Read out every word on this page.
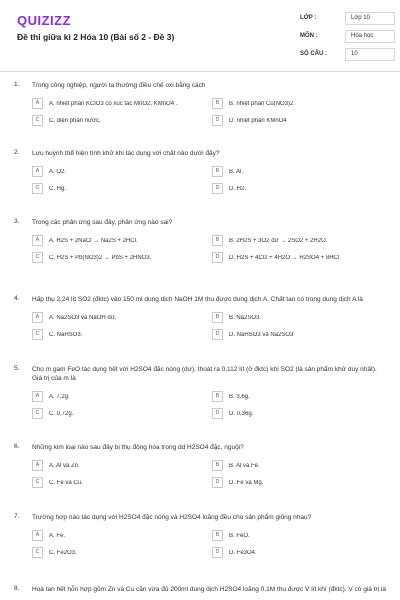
QUIZIZZ
Đề thi giữa kì 2 Hóa 10 (Bài số 2 - Đề 3)
LỚP :	Lớp 10
MÔN :	Hóa học
SỐ CÂU :	10
1. Trong công nghiệp, người ta thường điều chế oxi bằng cách
A	A. nhiệt phân KClO3 có xúc tác MnO2, KMnO4 .	B	B. nhiệt phân Cu(NO3)2.
C	C. điện phân nước.	D	D. nhiệt phân KMnO4
2. Lưu huỳnh thể hiện tính khử khi tác dụng với chất nào dưới đây?
A	A. O2.	B	B. Al.
C	C. Hg.	D	D. H2.
3. Trong các phản ứng sau đây, phản ứng nào sai?
A	A. H2S + 2NaCl → Na2S + 2HCl.	B	B. 2H2S + 3O2 dư → 2SO2 + 2H2O.
C	C. H2S + Pb(NO3)2 → PbS + 2HNO3.	D	D. H2S + 4Cl2 + 4H2O → H2SO4 + 8HCl
4. Hấp thụ 2,24 lít SO2 (đktc) vào 150 ml dung dịch NaOH 1M thu được dung dịch A. Chất tan có trong dung dịch A là
A	A. Na2SO3 và NaOH dư.	B	B. Na2SO3.
C	C. NaHSO3.	D	D. NaHSO3 và Na2SO3
5. Cho m gam FeO tác dụng hết với H2SO4 đặc nóng (dư), thoát ra 0,112 lít (ở đktc) khí SO2 (là sản phẩm khử duy nhất). Giá trị của m là
A	A. 7,2g.	B	B. 3,6g.
C	C. 0,72g.	D	D. 0,36g.
6. Những kim loại nào sau đây bị thụ động hóa trong dd H2SO4 đặc, nguội?
A	A. Al và Zn.	B	B. Al và Fe.
C	C. Fe và Cu.	D	D. Fe và Mg.
7. Trường hợp nào tác dụng với H2SO4 đặc nóng và H2SO4 loãng đều cho sản phẩm giống nhau?
A	A. Fe.	B	B. FeO.
C	C. Fe2O3.	D	D. Fe3O4.
8. Hoà tan hết hỗn hợp gồm Zn và Cu cần vừa đủ 200ml dung dịch H2SO4 loãng 0,1M thu được V lít khí (đktc). V có giá trị là
